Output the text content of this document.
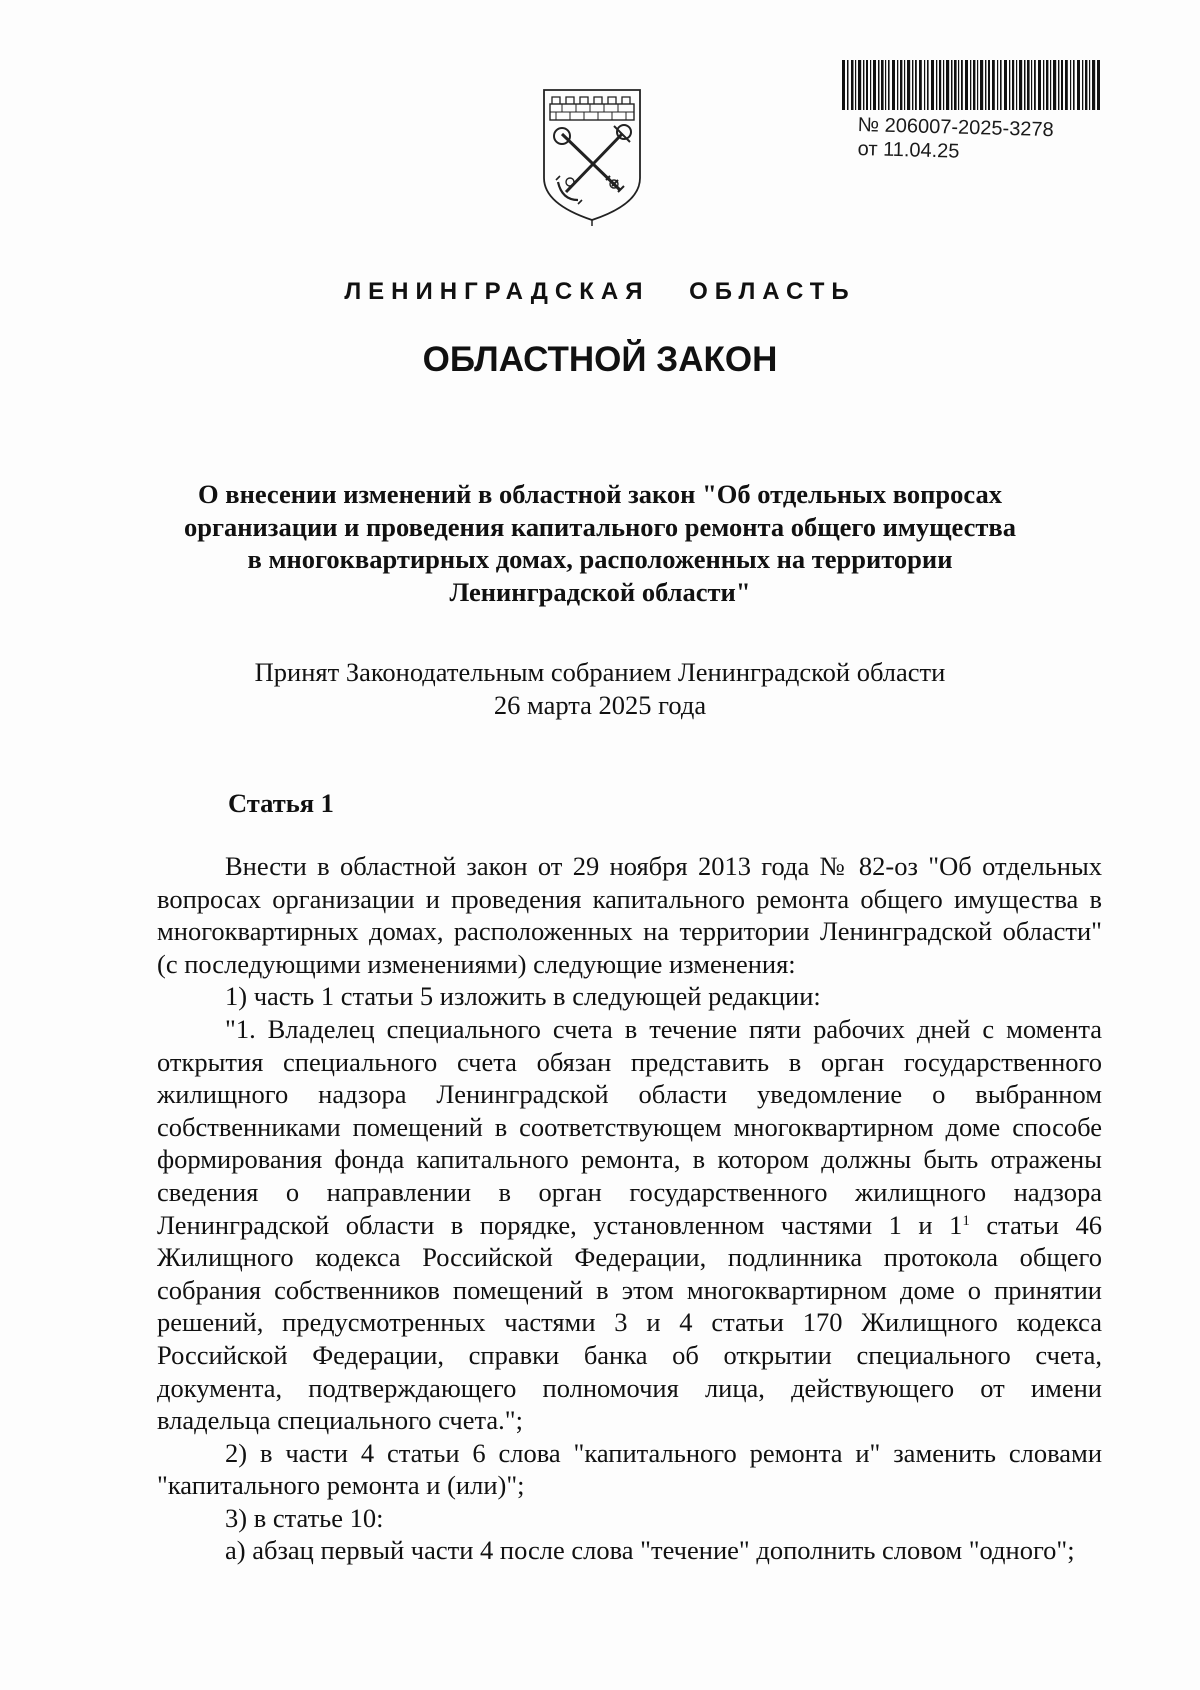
№ 206007-2025-3278
от 11.04.25
ЛЕНИНГРАДСКАЯ ОБЛАСТЬ
ОБЛАСТНОЙ ЗАКОН
О внесении изменений в областной закон "Об отдельных вопросах
организации и проведения капитального ремонта общего имущества
в многоквартирных домах, расположенных на территории
Ленинградской области"
Принят Законодательным собранием Ленинградской области
26 марта 2025 года
Статья 1

Внести в областной закон от 29 ноября 2013 года № 82-оз "Об отдельных вопросах организации и проведения капитального ремонта общего имущества в многоквартирных домах, расположенных на территории Ленинградской области" (с последующими изменениями) следующие изменения:

1) часть 1 статьи 5 изложить в следующей редакции:

"1. Владелец специального счета в течение пяти рабочих дней с момента открытия специального счета обязан представить в орган государственного жилищного надзора Ленинградской области уведомление о выбранном собственниками помещений в соответствующем многоквартирном доме способе формирования фонда капитального ремонта, в котором должны быть отражены сведения о направлении в орган государственного жилищного надзора Ленинградской области в порядке, установленном частями 1 и $1^1$ статьи 46 Жилищного кодекса Российской Федерации, подлинника протокола общего собрания собственников помещений в этом многоквартирном доме о принятии решений, предусмотренных частями 3 и 4 статьи 170 Жилищного кодекса Российской Федерации, справки банка об открытии специального счета, документа, подтверждающего полномочия лица, действующего от имени владельца специального счета.";

2) в части 4 статьи 6 слова "капитального ремонта и" заменить словами "капитального ремонта и (или)";

3) в статье 10:

а) абзац первый части 4 после слова "течение" дополнить словом "одного";
